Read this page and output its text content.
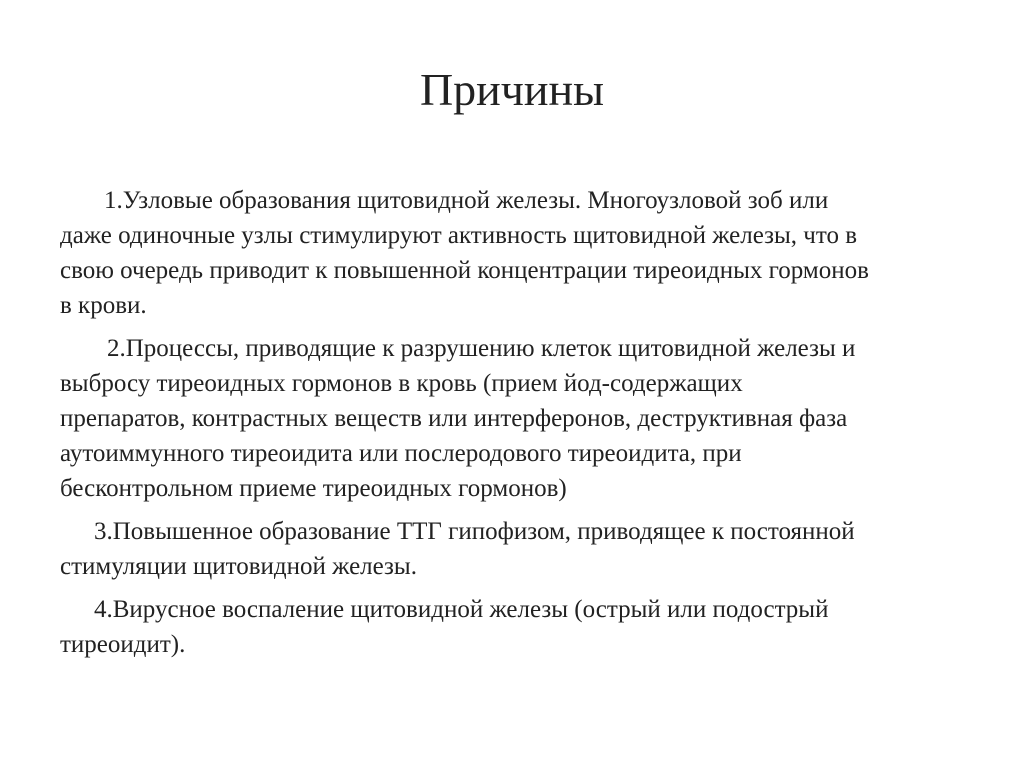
Причины

1.Узловые образования щитовидной железы. Многоузловой зоб или
даже одиночные узлы стимулируют активность щитовидной железы, что в
свою очередь приводит к повышенной концентрации тиреоидных гормонов
в крови.

2.Процессы, приводящие к разрушению клеток щитовидной железы и
выбросу тиреоидных гормонов в кровь (прием йод-содержащих
препаратов, контрастных веществ или интерферонов, деструктивная фаза
аутоиммунного тиреоидита или послеродового тиреоидита, при
бесконтрольном приеме тиреоидных гормонов)

3.Повышенное образование ТТГ гипофизом, приводящее к постоянной
стимуляции щитовидной железы.

4.Вирусное воспаление щитовидной железы (острый или подострый
тиреоидит).
